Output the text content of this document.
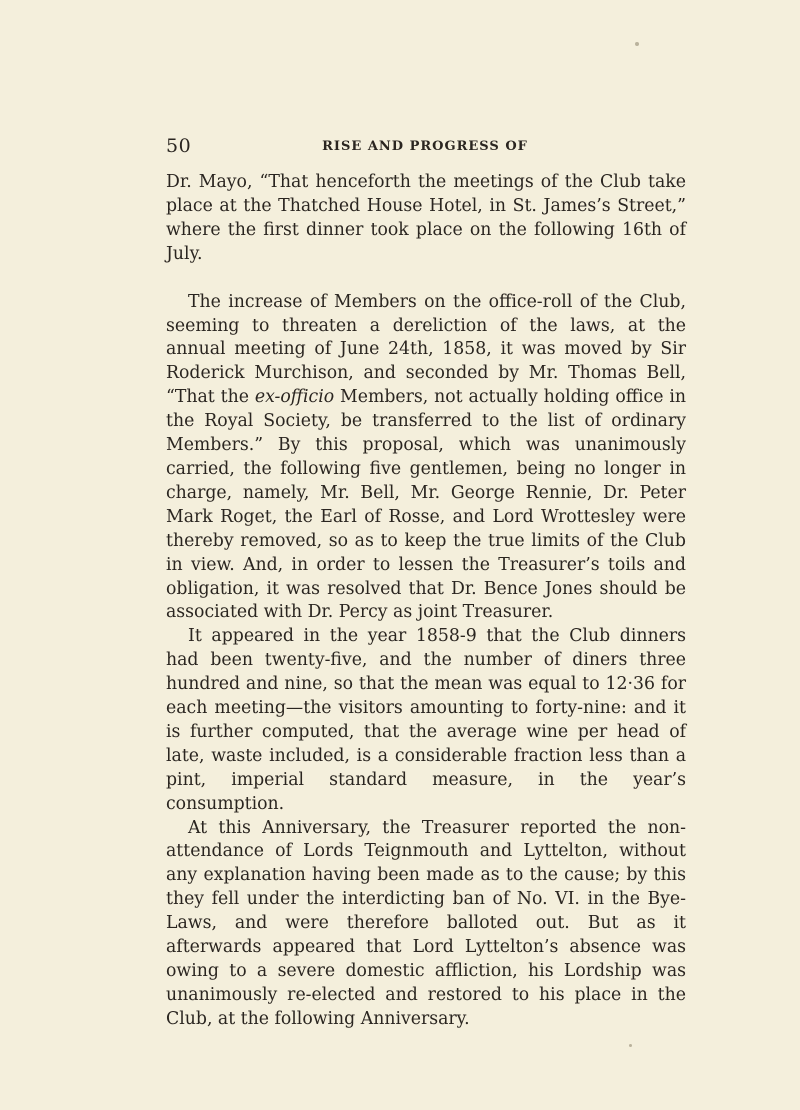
50	RISE AND PROGRESS OF

Dr. Mayo, “That henceforth the meetings of the Club take place at the Thatched House Hotel, in St. James’s Street,” where the first dinner took place on the following 16th of July.

The increase of Members on the office-roll of the Club, seeming to threaten a dereliction of the laws, at the annual meeting of June 24th, 1858, it was moved by Sir Roderick Murchison, and seconded by Mr. Thomas Bell, “That the ex-officio Members, not actually holding office in the Royal Society, be transferred to the list of ordinary Members.” By this proposal, which was unanimously carried, the following five gentlemen, being no longer in charge, namely, Mr. Bell, Mr. George Rennie, Dr. Peter Mark Roget, the Earl of Rosse, and Lord Wrottesley were thereby removed, so as to keep the true limits of the Club in view. And, in order to lessen the Treasurer’s toils and obligation, it was resolved that Dr. Bence Jones should be associated with Dr. Percy as joint Treasurer.

It appeared in the year 1858-9 that the Club dinners had been twenty-five, and the number of diners three hundred and nine, so that the mean was equal to 12·36 for each meeting—the visitors amounting to forty-nine: and it is further computed, that the average wine per head of late, waste included, is a considerable fraction less than a pint, imperial standard measure, in the year’s consumption.

At this Anniversary, the Treasurer reported the non-attendance of Lords Teignmouth and Lyttelton, without any explanation having been made as to the cause; by this they fell under the interdicting ban of No. VI. in the Bye-Laws, and were therefore balloted out. But as it afterwards appeared that Lord Lyttelton’s absence was owing to a severe domestic affliction, his Lordship was unanimously re-elected and restored to his place in the Club, at the following Anniversary.
